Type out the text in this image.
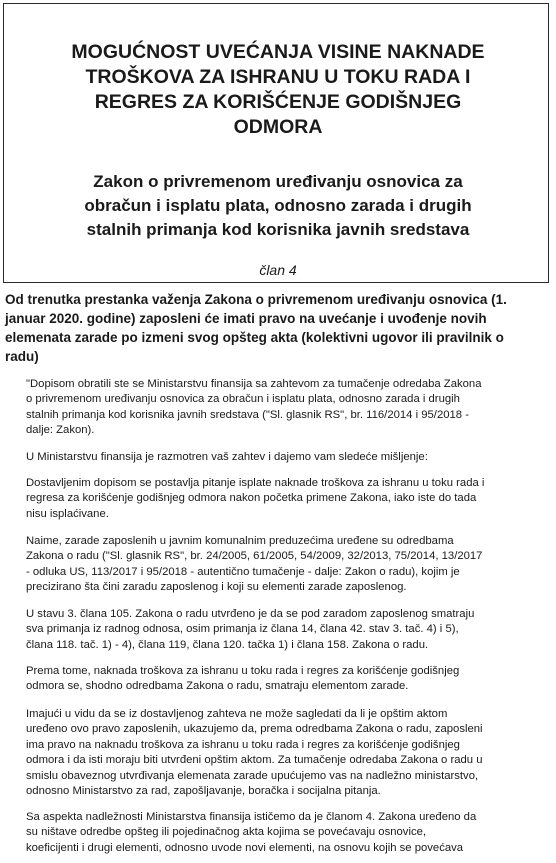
MOGUĆNOST UVEĆANJA VISINE NAKNADE
TROŠKOVA ZA ISHRANU U TOKU RADA I
REGRES ZA KORIŠĆENJE GODIŠNJEG
ODMORA
Zakon o privremenom uređivanju osnovica za
obračun i isplatu plata, odnosno zarada i drugih
stalnih primanja kod korisnika javnih sredstava
član 4

Od trenutka prestanka važenja Zakona o privremenom uređivanju osnovica (1.
januar 2020. godine) zaposleni će imati pravo na uvećanje i uvođenje novih
elemenata zarade po izmeni svog opšteg akta (kolektivni ugovor ili pravilnik o
radu)

"Dopisom obratili ste se Ministarstvu finansija sa zahtevom za tumačenje odredaba Zakona
o privremenom uređivanju osnovica za obračun i isplatu plata, odnosno zarada i drugih
stalnih primanja kod korisnika javnih sredstava ("Sl. glasnik RS", br. 116/2014 i 95/2018 -
dalje: Zakon).

U Ministarstvu finansija je razmotren vaš zahtev i dajemo vam sledeće mišljenje:

Dostavljenim dopisom se postavlja pitanje isplate naknade troškova za ishranu u toku rada i
regresa za korišćenje godišnjeg odmora nakon početka primene Zakona, iako iste do tada
nisu isplaćivane.

Naime, zarade zaposlenih u javnim komunalnim preduzećima uređene su odredbama
Zakona o radu ("Sl. glasnik RS", br. 24/2005, 61/2005, 54/2009, 32/2013, 75/2014, 13/2017
- odluka US, 113/2017 i 95/2018 - autentično tumačenje - dalje: Zakon o radu), kojim je
precizirano šta čini zaradu zaposlenog i koji su elementi zarade zaposlenog.

U stavu 3. člana 105. Zakona o radu utvrđeno je da se pod zaradom zaposlenog smatraju
sva primanja iz radnog odnosa, osim primanja iz člana 14, člana 42. stav 3. tač. 4) i 5),
člana 118. tač. 1) - 4), člana 119, člana 120. tačka 1) i člana 158. Zakona o radu.

Prema tome, naknada troškova za ishranu u toku rada i regres za korišćenje godišnjeg
odmora se, shodno odredbama Zakona o radu, smatraju elementom zarade.

Imajući u vidu da se iz dostavljenog zahteva ne može sagledati da li je opštim aktom
uređeno ovo pravo zaposlenih, ukazujemo da, prema odredbama Zakona o radu, zaposleni
ima pravo na naknadu troškova za ishranu u toku rada i regres za korišćenje godišnjeg
odmora i da isti moraju biti utvrđeni opštim aktom. Za tumačenje odredaba Zakona o radu u
smislu obaveznog utvrđivanja elemenata zarade upućujemo vas na nadležno ministarstvo,
odnosno Ministarstvo za rad, zapošljavanje, boračka i socijalna pitanja.

Sa aspekta nadležnosti Ministarstva finansija ističemo da je članom 4. Zakona uređeno da
su ništave odredbe opšteg ili pojedinačnog akta kojima se povećavaju osnovice,
koeficijenti i drugi elementi, odnosno uvode novi elementi, na osnovu kojih se povećava
